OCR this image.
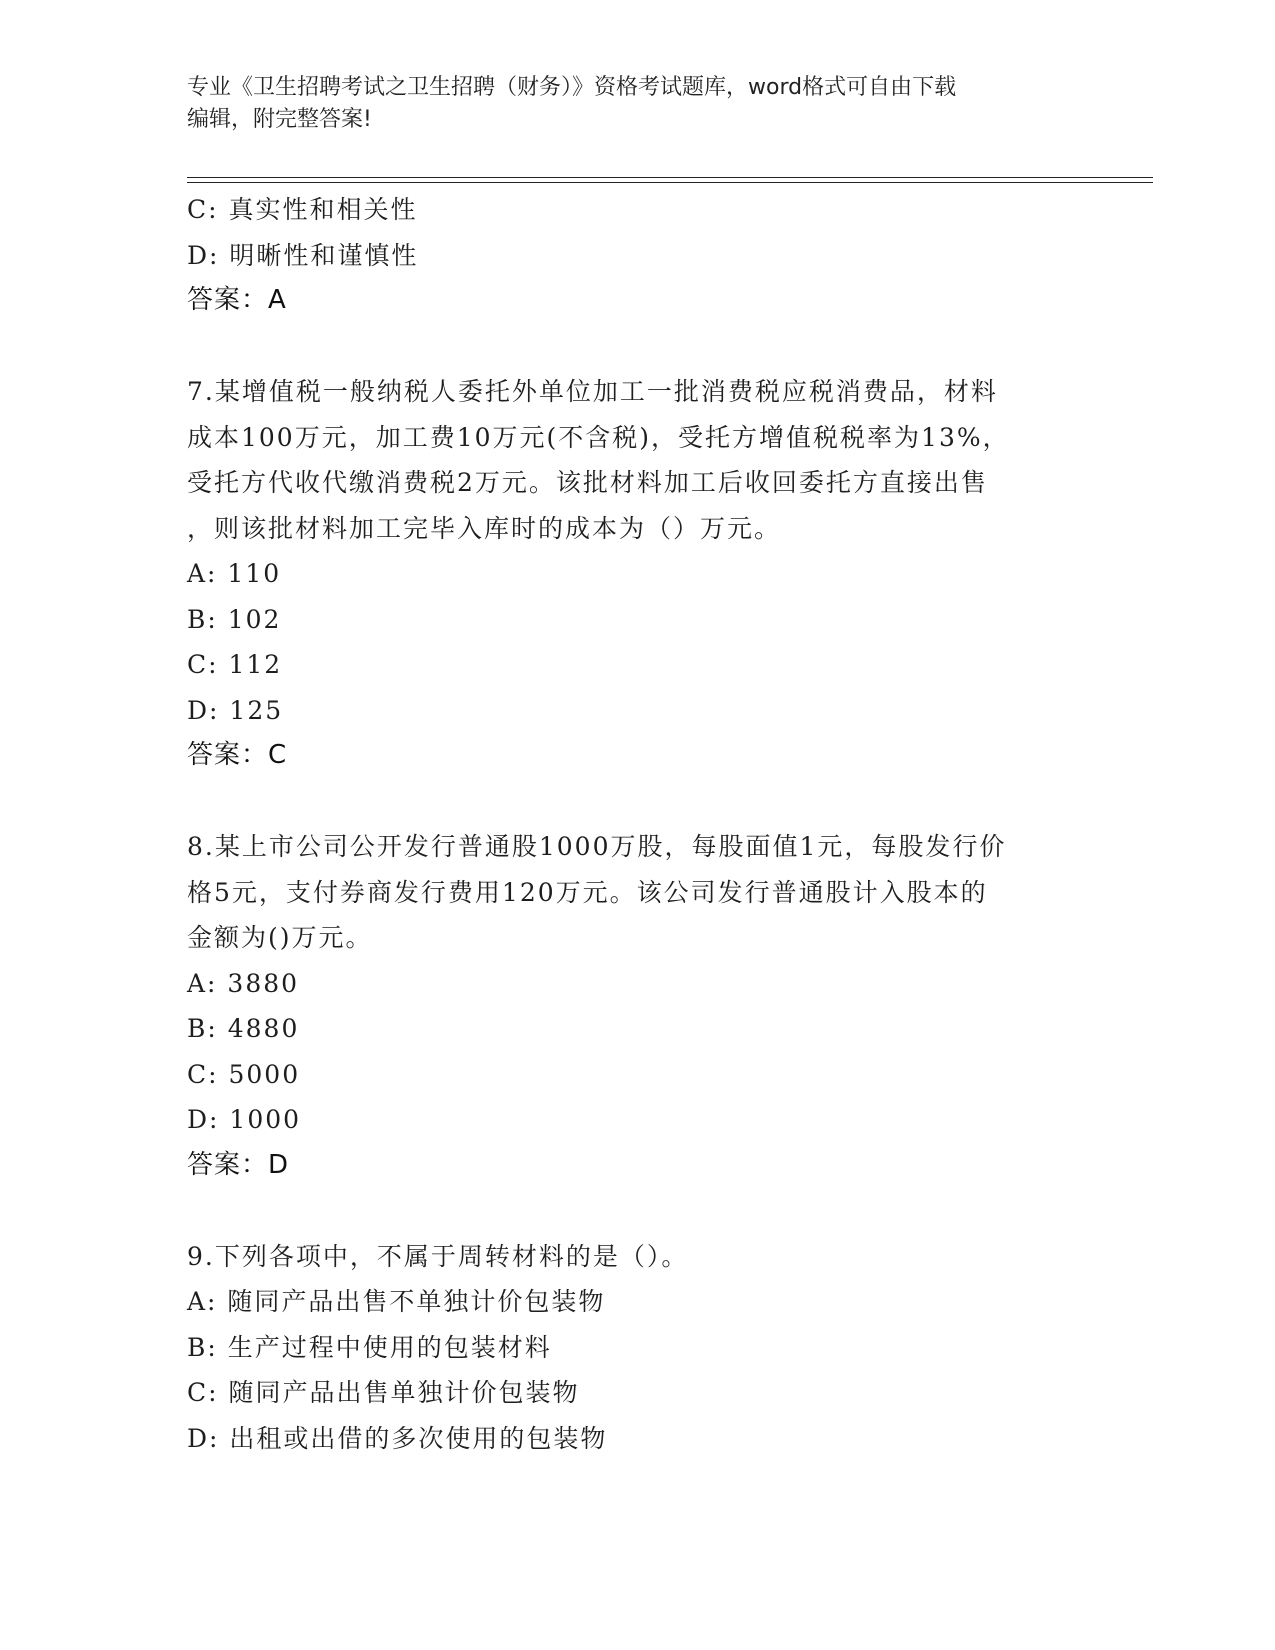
专业《卫生招聘考试之卫生招聘（财务）》资格考试题库，word格式可自由下载
编辑，附完整答案!
C: 真实性和相关性
D: 明晰性和谨慎性
答案：A
7.某增值税一般纳税人委托外单位加工一批消费税应税消费品，材料
成本100万元，加工费10万元(不含税)，受托方增值税税率为13%，
受托方代收代缴消费税2万元。该批材料加工后收回委托方直接出售
，则该批材料加工完毕入库时的成本为（）万元。
A: 110
B: 102
C: 112
D: 125
答案：C
8.某上市公司公开发行普通股1000万股，每股面值1元，每股发行价
格5元，支付券商发行费用120万元。该公司发行普通股计入股本的
金额为()万元。
A: 3880
B: 4880
C: 5000
D: 1000
答案：D
9.下列各项中，不属于周转材料的是（）。
A: 随同产品出售不单独计价包装物
B: 生产过程中使用的包装材料
C: 随同产品出售单独计价包装物
D: 出租或出借的多次使用的包装物
